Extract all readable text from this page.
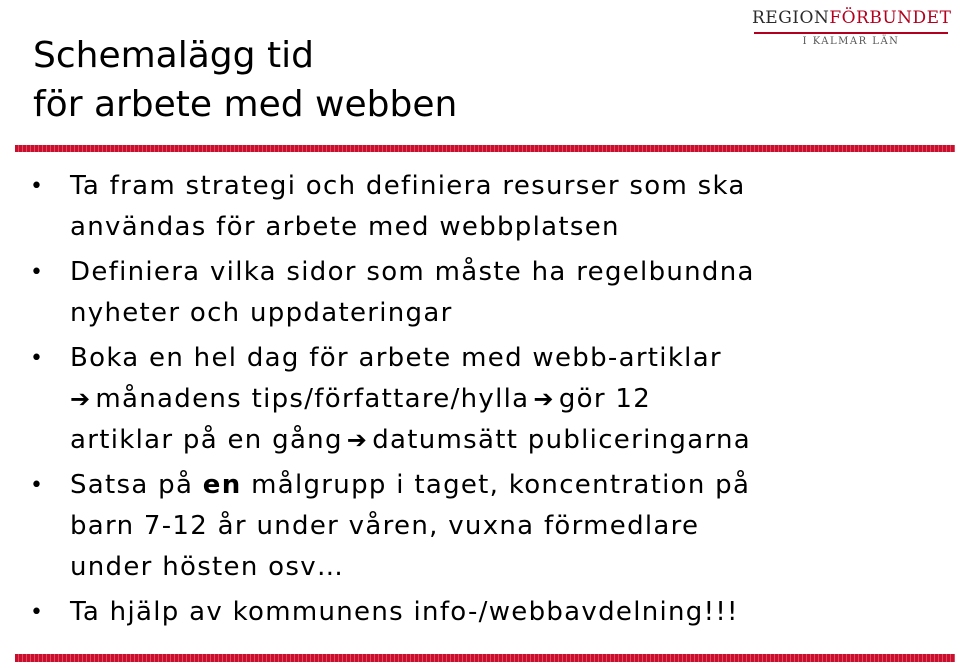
REGIONFÖRBUNDET
I KALMAR LÄN
Schemalägg tid
för arbete med webben
• Ta fram strategi och definiera resurser som ska
användas för arbete med webbplatsen
• Definiera vilka sidor som måste ha regelbundna
nyheter och uppdateringar
• Boka en hel dag för arbete med webb-artiklar
➔ månadens tips/författare/hylla ➔ gör 12
artiklar på en gång ➔ datumsätt publiceringarna
• Satsa på en målgrupp i taget, koncentration på
barn 7-12 år under våren, vuxna förmedlare
under hösten osv…
• Ta hjälp av kommunens info-/webbavdelning!!!
